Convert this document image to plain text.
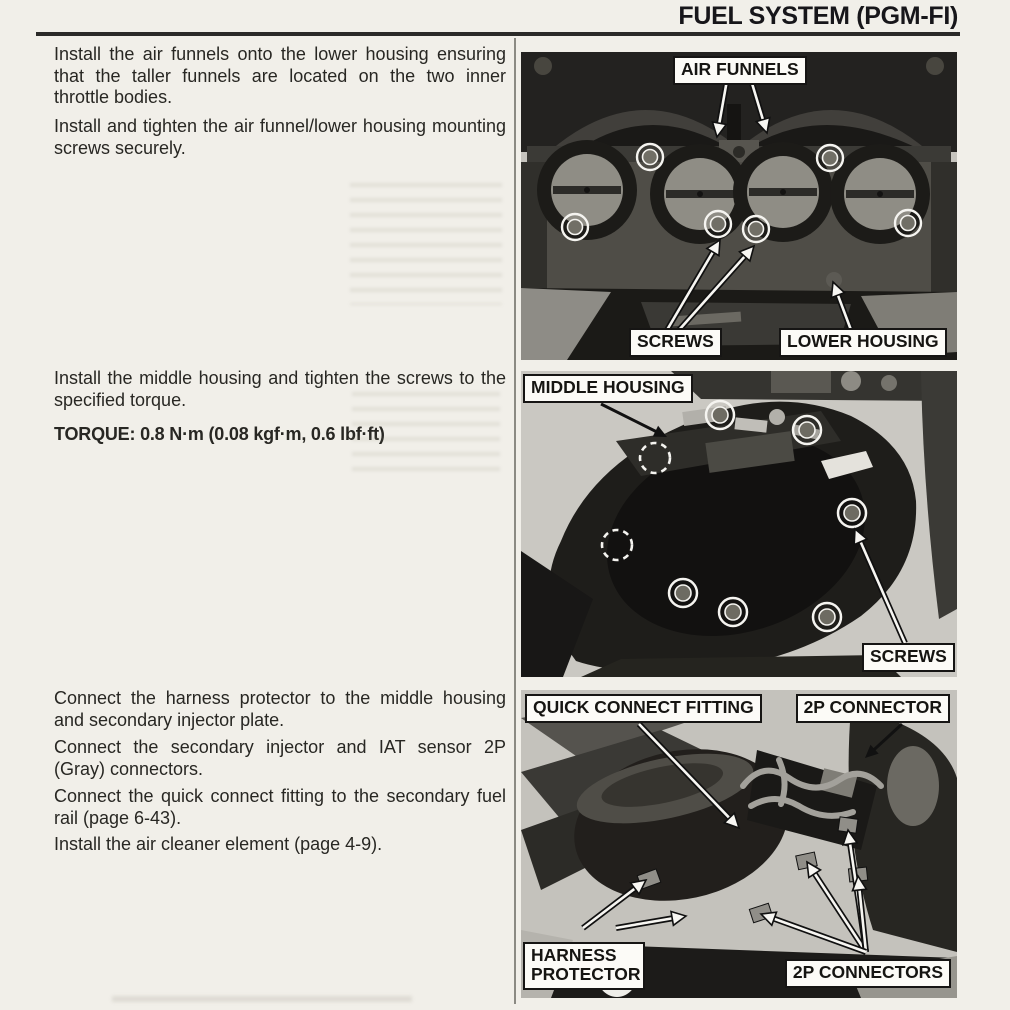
FUEL SYSTEM (PGM-FI)
Install the air funnels onto the lower housing ensuring that the taller funnels are located on the two inner throttle bodies.
Install and tighten the air funnel/lower housing mounting screws securely.
Install the middle housing and tighten the screws to the specified torque.
TORQUE: 0.8 N·m (0.08 kgf·m, 0.6 lbf·ft)
Connect the harness protector to the middle housing and secondary injector plate.
Connect the secondary injector and IAT sensor 2P (Gray) connectors.
Connect the quick connect fitting to the secondary fuel rail (page 6-43).
Install the air cleaner element (page 4-9).
AIR FUNNELS
SCREWS	LOWER HOUSING
MIDDLE HOUSING
SCREWS
QUICK CONNECT FITTING	2P CONNECTOR
HARNESS PROTECTOR	2P CONNECTORS
